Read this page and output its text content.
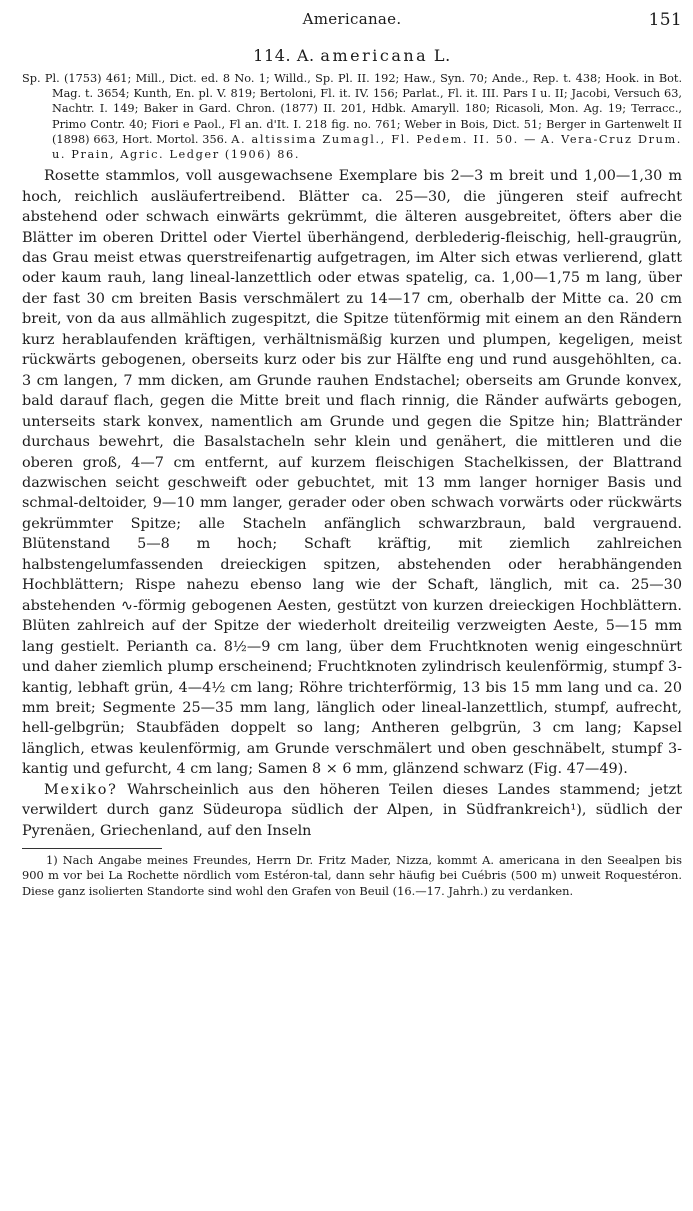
Americanae.	151
114. A. americana L.
Sp. Pl. (1753) 461; Mill., Dict. ed. 8 No. 1; Willd., Sp. Pl. II. 192; Haw., Syn. 70; Ande., Rep. t. 438; Hook. in Bot. Mag. t. 3654; Kunth, En. pl. V. 819; Bertoloni, Fl. it. IV. 156; Parlat., Fl. it. III. Pars I u. II; Jacobi, Versuch 63, Nachtr. I. 149; Baker in Gard. Chron. (1877) II. 201, Hdbk. Amaryll. 180; Ricasoli, Mon. Ag. 19; Terracc., Primo Contr. 40; Fiori e Paol., Fl an. d'It. I. 218 fig. no. 761; Weber in Bois, Dict. 51; Berger in Gartenwelt II (1898) 663, Hort. Mortol. 356. A. altissima Zumagl., Fl. Pedem. II. 50. — A. Vera-Cruz Drum. u. Prain, Agric. Ledger (1906) 86.

Rosette stammlos, voll ausgewachsene Exemplare bis 2—3 m breit und 1,00—1,30 m hoch, reichlich ausläufertreibend. Blätter ca. 25—30, die jüngeren steif aufrecht abstehend oder schwach einwärts gekrümmt, die älteren ausgebreitet, öfters aber die Blätter im oberen Drittel oder Viertel überhängend, derblederig-fleischig, hell-graugrün, das Grau meist etwas querstreifenartig aufgetragen, im Alter sich etwas verlierend, glatt oder kaum rauh, lang lineal-lanzettlich oder etwas spatelig, ca. 1,00—1,75 m lang, über der fast 30 cm breiten Basis verschmälert zu 14—17 cm, oberhalb der Mitte ca. 20 cm breit, von da aus allmählich zugespitzt, die Spitze tütenförmig mit einem an den Rändern kurz herablaufenden kräftigen, verhältnismäßig kurzen und plumpen, kegeligen, meist rückwärts gebogenen, oberseits kurz oder bis zur Hälfte eng und rund ausgehöhlten, ca. 3 cm langen, 7 mm dicken, am Grunde rauhen Endstachel; oberseits am Grunde konvex, bald darauf flach, gegen die Mitte breit und flach rinnig, die Ränder aufwärts gebogen, unterseits stark konvex, namentlich am Grunde und gegen die Spitze hin; Blattränder durchaus bewehrt, die Basalstacheln sehr klein und genähert, die mittleren und die oberen groß, 4—7 cm entfernt, auf kurzem fleischigen Stachelkissen, der Blattrand dazwischen seicht geschweift oder gebuchtet, mit 13 mm langer horniger Basis und schmal-deltoider, 9—10 mm langer, gerader oder oben schwach vorwärts oder rückwärts gekrümmter Spitze; alle Stacheln anfänglich schwarzbraun, bald vergrauend. Blütenstand 5—8 m hoch; Schaft kräftig, mit ziemlich zahlreichen halbstengelumfassenden dreieckigen spitzen, abstehenden oder herabhängenden Hochblättern; Rispe nahezu ebenso lang wie der Schaft, länglich, mit ca. 25—30 abstehenden ∿-förmig gebogenen Aesten, gestützt von kurzen dreieckigen Hochblättern. Blüten zahlreich auf der Spitze der wiederholt dreiteilig verzweigten Aeste, 5—15 mm lang gestielt. Perianth ca. 8½—9 cm lang, über dem Fruchtknoten wenig eingeschnürt und daher ziemlich plump erscheinend; Fruchtknoten zylindrisch keulenförmig, stumpf 3-kantig, lebhaft grün, 4—4½ cm lang; Röhre trichterförmig, 13 bis 15 mm lang und ca. 20 mm breit; Segmente 25—35 mm lang, länglich oder lineal-lanzettlich, stumpf, aufrecht, hell-gelbgrün; Staubfäden doppelt so lang; Antheren gelbgrün, 3 cm lang; Kapsel länglich, etwas keulenförmig, am Grunde verschmälert und oben geschnäbelt, stumpf 3-kantig und gefurcht, 4 cm lang; Samen 8 × 6 mm, glänzend schwarz (Fig. 47—49).

Mexiko? Wahrscheinlich aus den höheren Teilen dieses Landes stammend; jetzt verwildert durch ganz Südeuropa südlich der Alpen, in Südfrankreich¹), südlich der Pyrenäen, Griechenland, auf den Inseln

1) Nach Angabe meines Freundes, Herrn Dr. Fritz Mader, Nizza, kommt A. americana in den Seealpen bis 900 m vor bei La Rochette nördlich vom Estéron-tal, dann sehr häufig bei Cuébris (500 m) unweit Roquestéron. Diese ganz isolierten Standorte sind wohl den Grafen von Beuil (16.—17. Jahrh.) zu verdanken.
